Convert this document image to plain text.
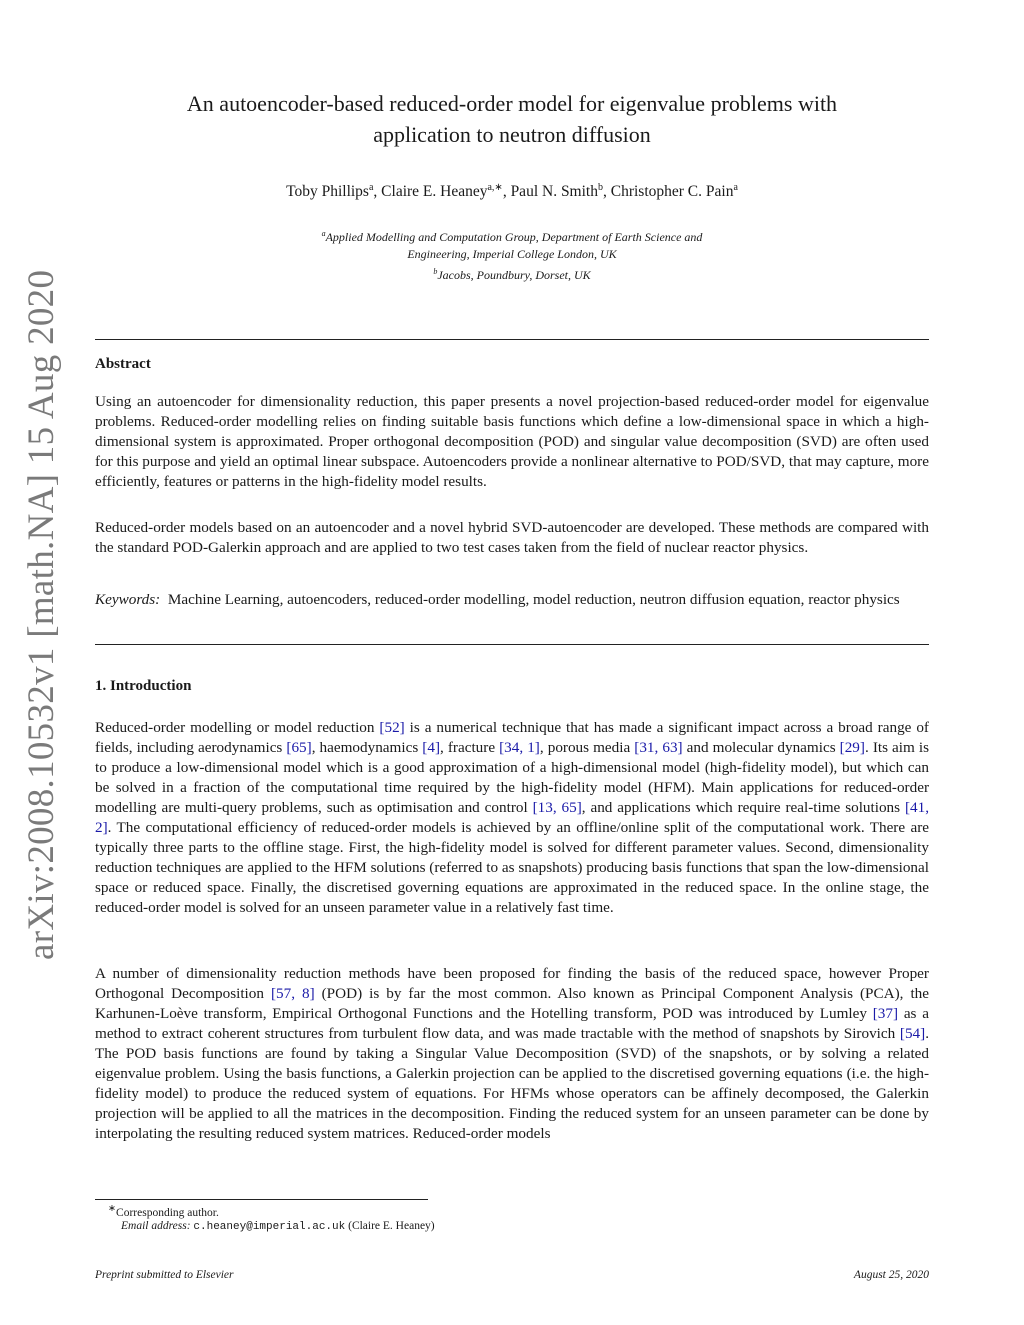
arXiv:2008.10532v1 [math.NA] 15 Aug 2020
An autoencoder-based reduced-order model for eigenvalue problems with
application to neutron diffusion
Toby Phillips$^a$, Claire E. Heaney$^{a,∗}$, Paul N. Smith$^b$, Christopher C. Pain$^a$
$^a$Applied Modelling and Computation Group, Department of Earth Science and
Engineering, Imperial College London, UK
$^b$Jacobs, Poundbury, Dorset, UK
Abstract
Using an autoencoder for dimensionality reduction, this paper presents a novel projection-based reduced-order model for eigenvalue problems. Reduced-order modelling relies on finding suitable basis functions which define a low-dimensional space in which a high-dimensional system is approximated. Proper orthogonal decomposition (POD) and singular value decomposition (SVD) are often used for this purpose and yield an optimal linear subspace. Autoencoders provide a nonlinear alternative to POD/SVD, that may capture, more efficiently, features or patterns in the high-fidelity model results.
Reduced-order models based on an autoencoder and a novel hybrid SVD-autoencoder are developed. These methods are compared with the standard POD-Galerkin approach and are applied to two test cases taken from the field of nuclear reactor physics.
Keywords: Machine Learning, autoencoders, reduced-order modelling, model reduction, neutron diffusion equation, reactor physics
1. Introduction
Reduced-order modelling or model reduction [52] is a numerical technique that has made a significant impact across a broad range of fields, including aerodynamics [65], haemodynamics [4], fracture [34, 1], porous media [31, 63] and molecular dynamics [29]. Its aim is to produce a low-dimensional model which is a good approximation of a high-dimensional model (high-fidelity model), but which can be solved in a fraction of the computational time required by the high-fidelity model (HFM). Main applications for reduced-order modelling are multi-query problems, such as optimisation and control [13, 65], and applications which require real-time solutions [41, 2]. The computational efficiency of reduced-order models is achieved by an offline/online split of the computational work. There are typically three parts to the offline stage. First, the high-fidelity model is solved for different parameter values. Second, dimensionality reduction techniques are applied to the HFM solutions (referred to as snapshots) producing basis functions that span the low-dimensional space or reduced space. Finally, the discretised governing equations are approximated in the reduced space. In the online stage, the reduced-order model is solved for an unseen parameter value in a relatively fast time.
A number of dimensionality reduction methods have been proposed for finding the basis of the reduced space, however Proper Orthogonal Decomposition [57, 8] (POD) is by far the most common. Also known as Principal Component Analysis (PCA), the Karhunen-Loève transform, Empirical Orthogonal Functions and the Hotelling transform, POD was introduced by Lumley [37] as a method to extract coherent structures from turbulent flow data, and was made tractable with the method of snapshots by Sirovich [54]. The POD basis functions are found by taking a Singular Value Decomposition (SVD) of the snapshots, or by solving a related eigenvalue problem. Using the basis functions, a Galerkin projection can be applied to the discretised governing equations (i.e. the high-fidelity model) to produce the reduced system of equations. For HFMs whose operators can be affinely decomposed, the Galerkin projection will be applied to all the matrices in the decomposition. Finding the reduced system for an unseen parameter can be done by interpolating the resulting reduced system matrices. Reduced-order models
∗Corresponding author.
Email address: c.heaney@imperial.ac.uk (Claire E. Heaney)
Preprint submitted to Elsevier	August 25, 2020
